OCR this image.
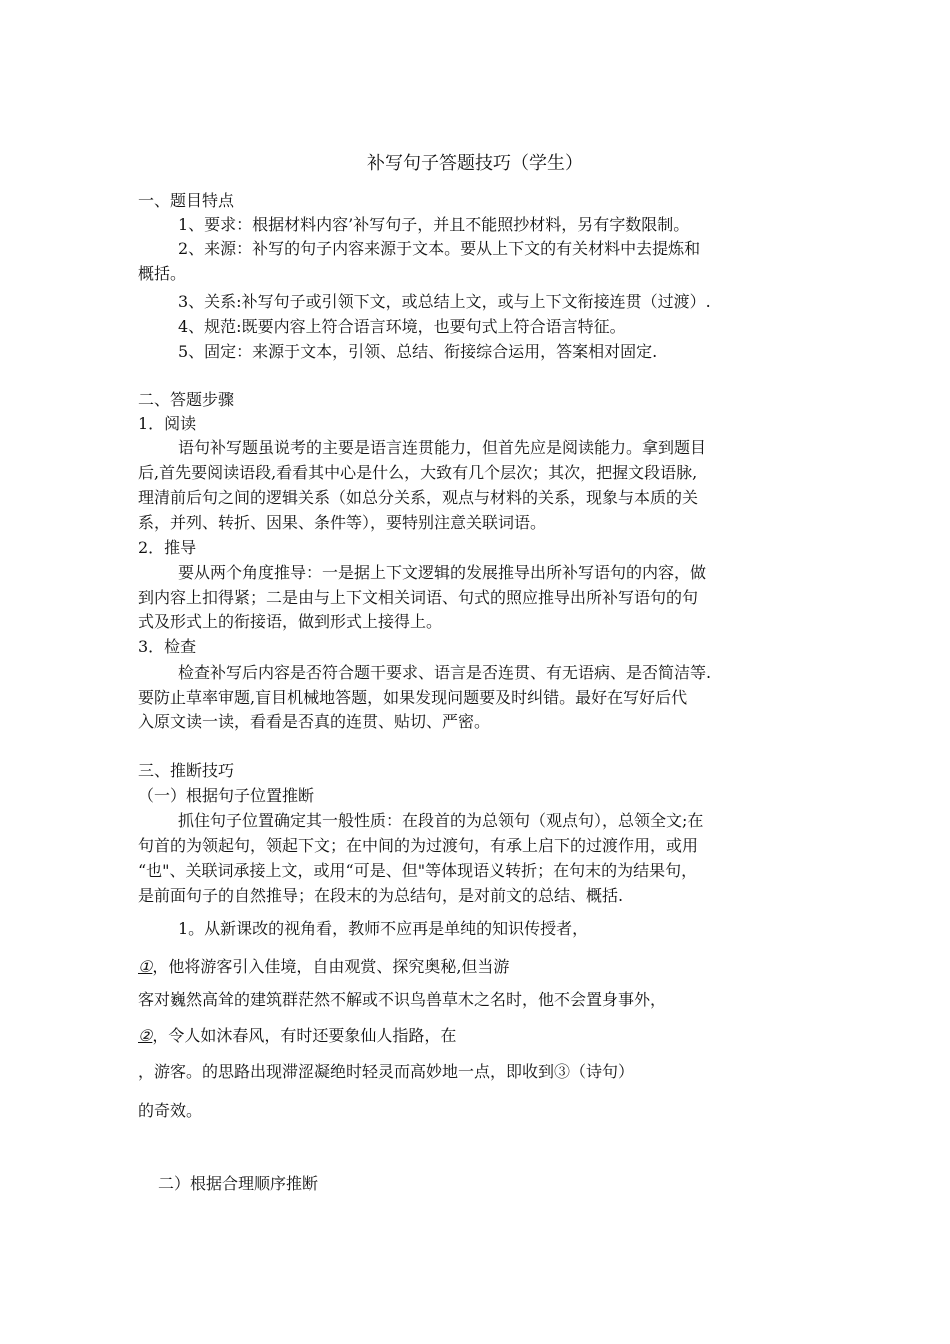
补写句子答题技巧（学生）
一、题目特点
1、要求：根据材料内容’补写句子，并且不能照抄材料，另有字数限制。
2、来源：补写的句子内容来源于文本。要从上下文的有关材料中去提炼和
概括。
3、关系:补写句子或引领下文，或总结上文，或与上下文衔接连贯（过渡）.
4、规范:既要内容上符合语言环境，也要句式上符合语言特征。
5、固定：来源于文本，引领、总结、衔接综合运用，答案相对固定.
二、答题步骤
1．阅读
语句补写题虽说考的主要是语言连贯能力，但首先应是阅读能力。拿到题目
后,首先要阅读语段,看看其中心是什么，大致有几个层次；其次，把握文段语脉,
理清前后句之间的逻辑关系（如总分关系，观点与材料的关系，现象与本质的关
系，并列、转折、因果、条件等），要特别注意关联词语。
2．推导
要从两个角度推导：一是据上下文逻辑的发展推导出所补写语句的内容，做
到内容上扣得紧；二是由与上下文相关词语、句式的照应推导出所补写语句的句
式及形式上的衔接语，做到形式上接得上。
3．检查
检查补写后内容是否符合题干要求、语言是否连贯、有无语病、是否简洁等.
要防止草率审题,盲目机械地答题，如果发现问题要及时纠错。最好在写好后代
入原文读一读，看看是否真的连贯、贴切、严密。
三、推断技巧
（一）根据句子位置推断
抓住句子位置确定其一般性质：在段首的为总领句（观点句），总领全文;在
句首的为领起句，领起下文；在中间的为过渡句，有承上启下的过渡作用，或用
“也"、关联词承接上文，或用“可是、但"等体现语义转折；在句末的为结果句，
是前面句子的自然推导；在段末的为总结句，是对前文的总结、概括.
1。从新课改的视角看，教师不应再是单纯的知识传授者，
①，他将游客引入佳境，自由观赏、探究奥秘,但当游
客对巍然高耸的建筑群茫然不解或不识鸟兽草木之名时，他不会置身事外，
②，令人如沐春风，有时还要象仙人指路，在
，游客。的思路出现滞涩凝绝时轻灵而高妙地一点，即收到③（诗句）
的奇效。
二）根据合理顺序推断
